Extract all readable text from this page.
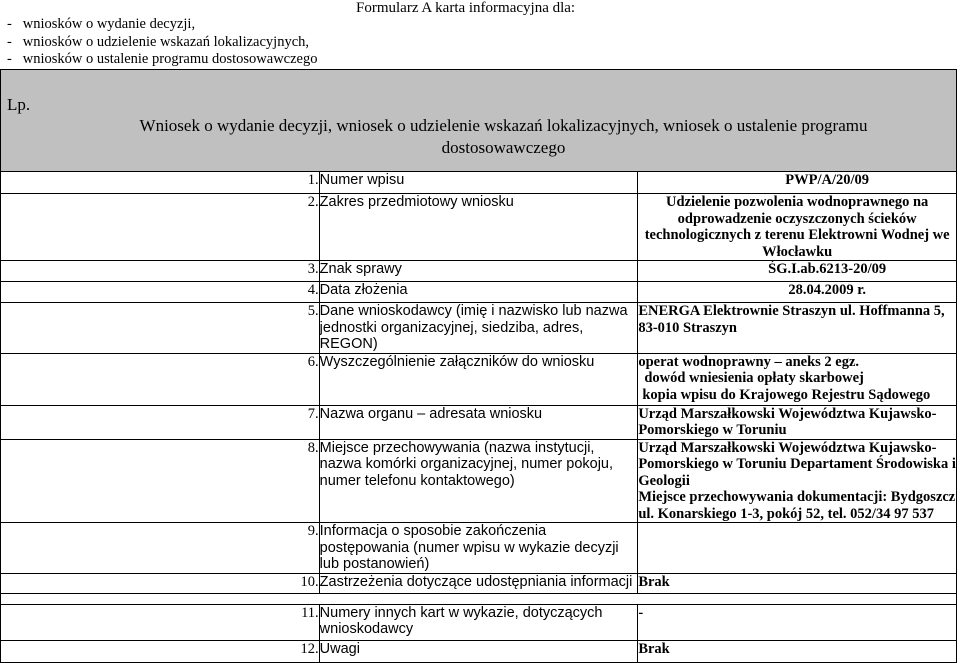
Formularz A karta informacyjna dla:
- wniosków o wydanie decyzji,
- wniosków o udzielenie wskazań lokalizacyjnych,
- wniosków o ustalenie programu dostosowawczego
Lp.
Wniosek o wydanie decyzji, wniosek o udzielenie wskazań lokalizacyjnych, wniosek o ustalenie programu dostosowawczego		

1.	Numer wpisu	PWP/A/20/09
2.	Zakres przedmiotowy wniosku	Udzielenie pozwolenia wodnoprawnego na odprowadzenie oczyszczonych ścieków technologicznych z terenu Elektrowni Wodnej we Włocławku
3.	Znak sprawy	ŚG.I.ab.6213-20/09
4.	Data złożenia	28.04.2009 r.
5.	Dane wnioskodawcy (imię i nazwisko lub nazwa jednostki organizacyjnej, siedziba, adres, REGON)	ENERGA Elektrownie Straszyn ul. Hoffmanna 5, 83-010 Straszyn
6.	Wyszczególnienie załączników do wniosku	operat wodnoprawny – aneks 2 egz.
dowód wniesienia opłaty skarbowej
kopia wpisu do Krajowego Rejestru Sądowego

7.	Nazwa organu – adresata wniosku	Urząd Marszałkowski Województwa Kujawsko-Pomorskiego w Toruniu
8.	Miejsce przechowywania (nazwa instytucji, nazwa komórki organizacyjnej, numer pokoju, numer telefonu kontaktowego)	Urząd Marszałkowski Województwa Kujawsko-Pomorskiego w Toruniu Departament Środowiska i Geologii
Miejsce przechowywania dokumentacji: Bydgoszcz ul. Konarskiego 1-3, pokój 52, tel. 052/34 97 537

9.	Informacja o sposobie zakończenia postępowania (numer wpisu w wykazie decyzji lub postanowień)	
10.	Zastrzeżenia dotyczące udostępniania informacji	Brak

11.	Numery innych kart w wykazie, dotyczących wnioskodawcy	-
12.	Uwagi	Brak
